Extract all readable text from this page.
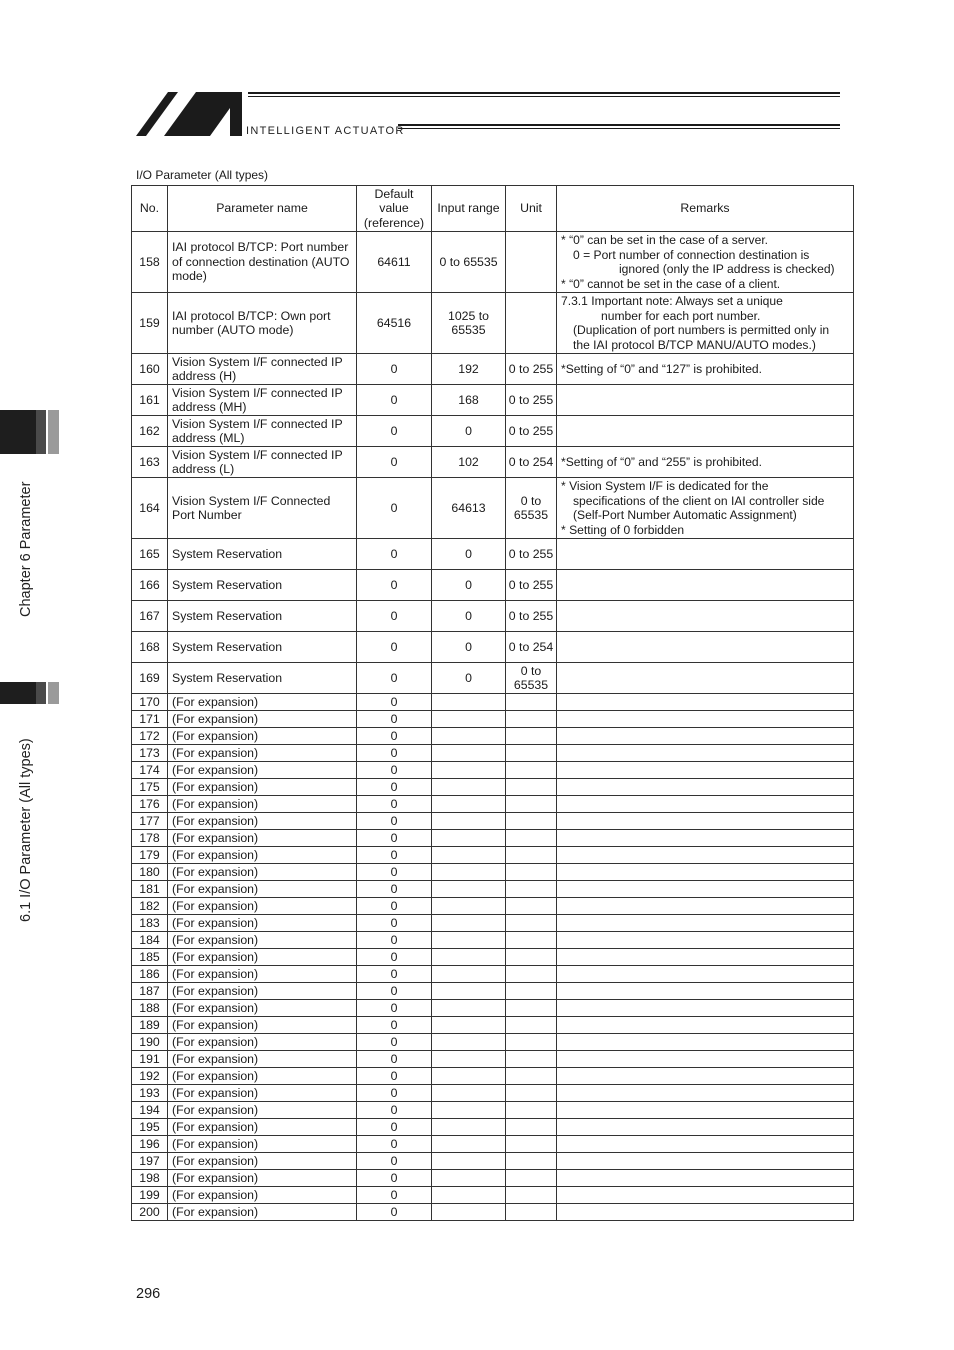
INTELLIGENT ACTUATOR
I/O Parameter (All types)
No.	Parameter name	Default value (reference)	Input range	Unit	Remarks
158	IAI protocol B/TCP: Port number of connection destination (AUTO mode)	64611	0 to 65535		* “0” can be set in the case of a server.
0 = Port number of connection destination is
ignored (only the IP address is checked)
* “0” cannot be set in the case of a client.

159	IAI protocol B/TCP: Own port number (AUTO mode)	64516	1025 to 65535		7.3.1 Important note: Always set a unique
number for each port number.
(Duplication of port numbers is permitted only in
the IAI protocol B/TCP MANU/AUTO modes.)

160	Vision System I/F connected IP address (H)	0	192	0 to 255	*Setting of “0” and “127” is prohibited.

161	Vision System I/F connected IP address (MH)	0	168	0 to 255	
162	Vision System I/F connected IP address (ML)	0	0	0 to 255	
163	Vision System I/F connected IP address (L)	0	102	0 to 254	*Setting of “0” and “255” is prohibited.

164	Vision System I/F Connected Port Number	0	64613	0 to 65535	* Vision System I/F is dedicated for the
specifications of the client on IAI controller side
(Self-Port Number Automatic Assignment)
* Setting of 0 forbidden

165	System Reservation	0	0	0 to 255	
166	System Reservation	0	0	0 to 255	
167	System Reservation	0	0	0 to 255	
168	System Reservation	0	0	0 to 254	
169	System Reservation	0	0	0 to 65535	
170	(For expansion)	0			
171	(For expansion)	0			
172	(For expansion)	0			
173	(For expansion)	0			
174	(For expansion)	0			
175	(For expansion)	0			
176	(For expansion)	0			
177	(For expansion)	0			
178	(For expansion)	0			
179	(For expansion)	0			
180	(For expansion)	0			
181	(For expansion)	0			
182	(For expansion)	0			
183	(For expansion)	0			
184	(For expansion)	0			
185	(For expansion)	0			
186	(For expansion)	0			
187	(For expansion)	0			
188	(For expansion)	0			
189	(For expansion)	0			
190	(For expansion)	0			
191	(For expansion)	0			
192	(For expansion)	0			
193	(For expansion)	0			
194	(For expansion)	0			
195	(For expansion)	0			
196	(For expansion)	0			
197	(For expansion)	0			
198	(For expansion)	0			
199	(For expansion)	0			
200	(For expansion)	0			
Chapter 6 Parameter
6.1 I/O Parameter (All types)
296
